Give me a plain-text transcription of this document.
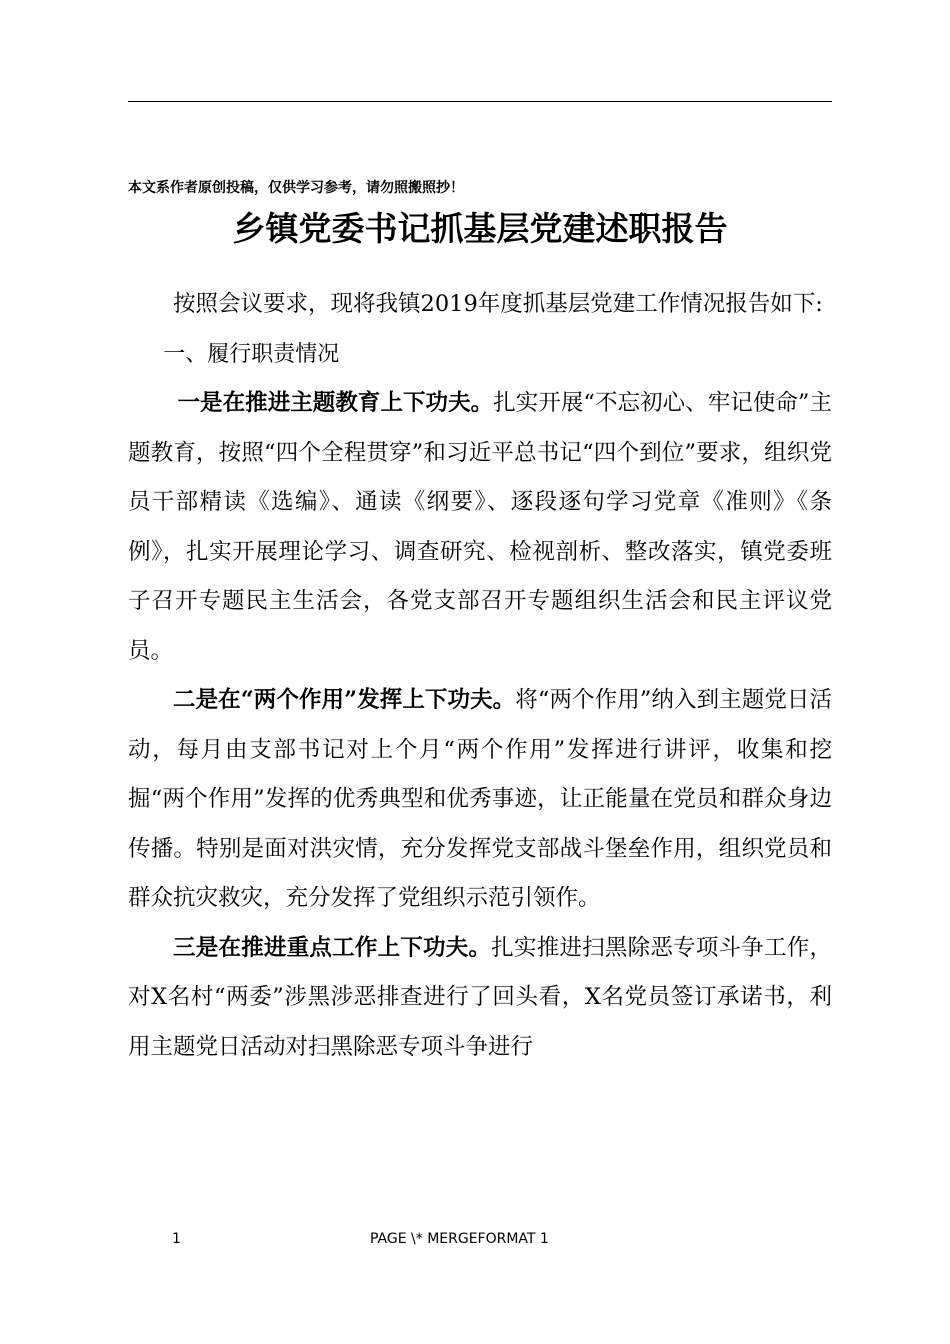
本文系作者原创投稿，仅供学习参考，请勿照搬照抄！
乡镇党委书记抓基层党建述职报告

按照会议要求，现将我镇2019年度抓基层党建工作情况报告如下:

一、履行职责情况

一是在推进主题教育上下功夫。扎实开展“不忘初心、牢记使命”主题教育，按照“四个全程贯穿”和习近平总书记“四个到位”要求，组织党员干部精读《选编》、通读《纲要》、逐段逐句学习党章《准则》《条例》，扎实开展理论学习、调查研究、检视剖析、整改落实，镇党委班子召开专题民主生活会，各党支部召开专题组织生活会和民主评议党员。

二是在“两个作用”发挥上下功夫。将“两个作用”纳入到主题党日活动，每月由支部书记对上个月“两个作用”发挥进行讲评，收集和挖掘“两个作用”发挥的优秀典型和优秀事迹，让正能量在党员和群众身边传播。特别是面对洪灾情，充分发挥党支部战斗堡垒作用，组织党员和群众抗灾救灾，充分发挥了党组织示范引领作。

三是在推进重点工作上下功夫。扎实推进扫黑除恶专项斗争工作，对X名村“两委”涉黑涉恶排查进行了回头看，X名党员签订承诺书，利用主题党日活动对扫黑除恶专项斗争进行

1	PAGE \* MERGEFORMAT 1
